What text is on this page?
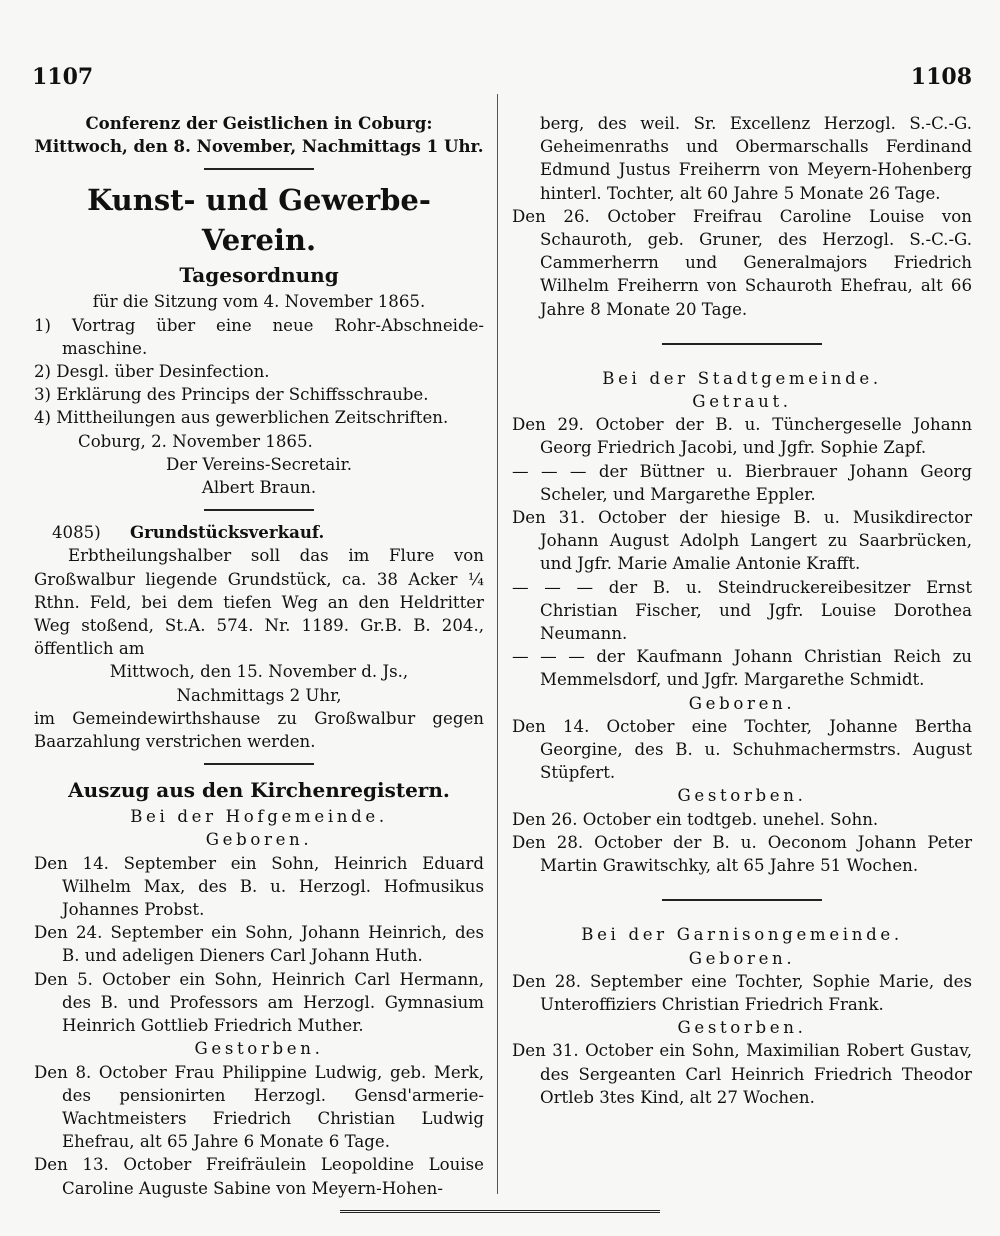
1107	1108
Conferenz der Geistlichen in Coburg:
Mittwoch, den 8. November, Nachmittags 1 Uhr.
Kunst- und Gewerbe-Verein.
Tagesordnung
für die Sitzung vom 4. November 1865.
1) Vortrag über eine neue Rohr-Abschneide-maschine.
2) Desgl. über Desinfection.
3) Erklärung des Princips der Schiffsschraube.
4) Mittheilungen aus gewerblichen Zeitschriften.
Coburg, 2. November 1865.
Der Vereins-Secretair.
Albert Braun.
4085) Grundstücksverkauf.
Erbtheilungshalber soll das im Flure von Großwalbur liegende Grundstück, ca. 38 Acker ¼ Rthn. Feld, bei dem tiefen Weg an den Heldritter Weg stoßend, St.A. 574. Nr. 1189. Gr.B. B. 204., öffentlich am
Mittwoch, den 15. November d. Js.,
Nachmittags 2 Uhr,
im Gemeindewirthshause zu Großwalbur gegen Baarzahlung verstrichen werden.
Auszug aus den Kirchenregistern.
Bei der Hofgemeinde.
Geboren.
Den 14. September ein Sohn, Heinrich Eduard Wilhelm Max, des B. u. Herzogl. Hofmusikus Johannes Probst.
Den 24. September ein Sohn, Johann Heinrich, des B. und adeligen Dieners Carl Johann Huth.
Den 5. October ein Sohn, Heinrich Carl Hermann, des B. und Professors am Herzogl. Gymnasium Heinrich Gottlieb Friedrich Muther.
Gestorben.
Den 8. October Frau Philippine Ludwig, geb. Merk, des pensionirten Herzogl. Gensd'armerie-Wachtmeisters Friedrich Christian Ludwig Ehefrau, alt 65 Jahre 6 Monate 6 Tage.
Den 13. October Freifräulein Leopoldine Louise Caroline Auguste Sabine von Meyern-Hohen-
berg, des weil. Sr. Excellenz Herzogl. S.-C.-G. Geheimenraths und Obermarschalls Ferdinand Edmund Justus Freiherrn von Meyern-Hohenberg hinterl. Tochter, alt 60 Jahre 5 Monate 26 Tage.
Den 26. October Freifrau Caroline Louise von Schauroth, geb. Gruner, des Herzogl. S.-C.-G. Cammerherrn und Generalmajors Friedrich Wilhelm Freiherrn von Schauroth Ehefrau, alt 66 Jahre 8 Monate 20 Tage.
Bei der Stadtgemeinde.
Getraut.
Den 29. October der B. u. Tünchergeselle Johann Georg Friedrich Jacobi, und Jgfr. Sophie Zapf.
— — — der Büttner u. Bierbrauer Johann Georg Scheler, und Margarethe Eppler.
Den 31. October der hiesige B. u. Musikdirector Johann August Adolph Langert zu Saarbrücken, und Jgfr. Marie Amalie Antonie Krafft.
— — — der B. u. Steindruckereibesitzer Ernst Christian Fischer, und Jgfr. Louise Dorothea Neumann.
— — — der Kaufmann Johann Christian Reich zu Memmelsdorf, und Jgfr. Margarethe Schmidt.
Geboren.
Den 14. October eine Tochter, Johanne Bertha Georgine, des B. u. Schuhmachermstrs. August Stüpfert.
Gestorben.
Den 26. October ein todtgeb. unehel. Sohn.
Den 28. October der B. u. Oeconom Johann Peter Martin Grawitschky, alt 65 Jahre 51 Wochen.
Bei der Garnisongemeinde.
Geboren.
Den 28. September eine Tochter, Sophie Marie, des Unteroffiziers Christian Friedrich Frank.
Gestorben.
Den 31. October ein Sohn, Maximilian Robert Gustav, des Sergeanten Carl Heinrich Friedrich Theodor Ortleb 3tes Kind, alt 27 Wochen.
